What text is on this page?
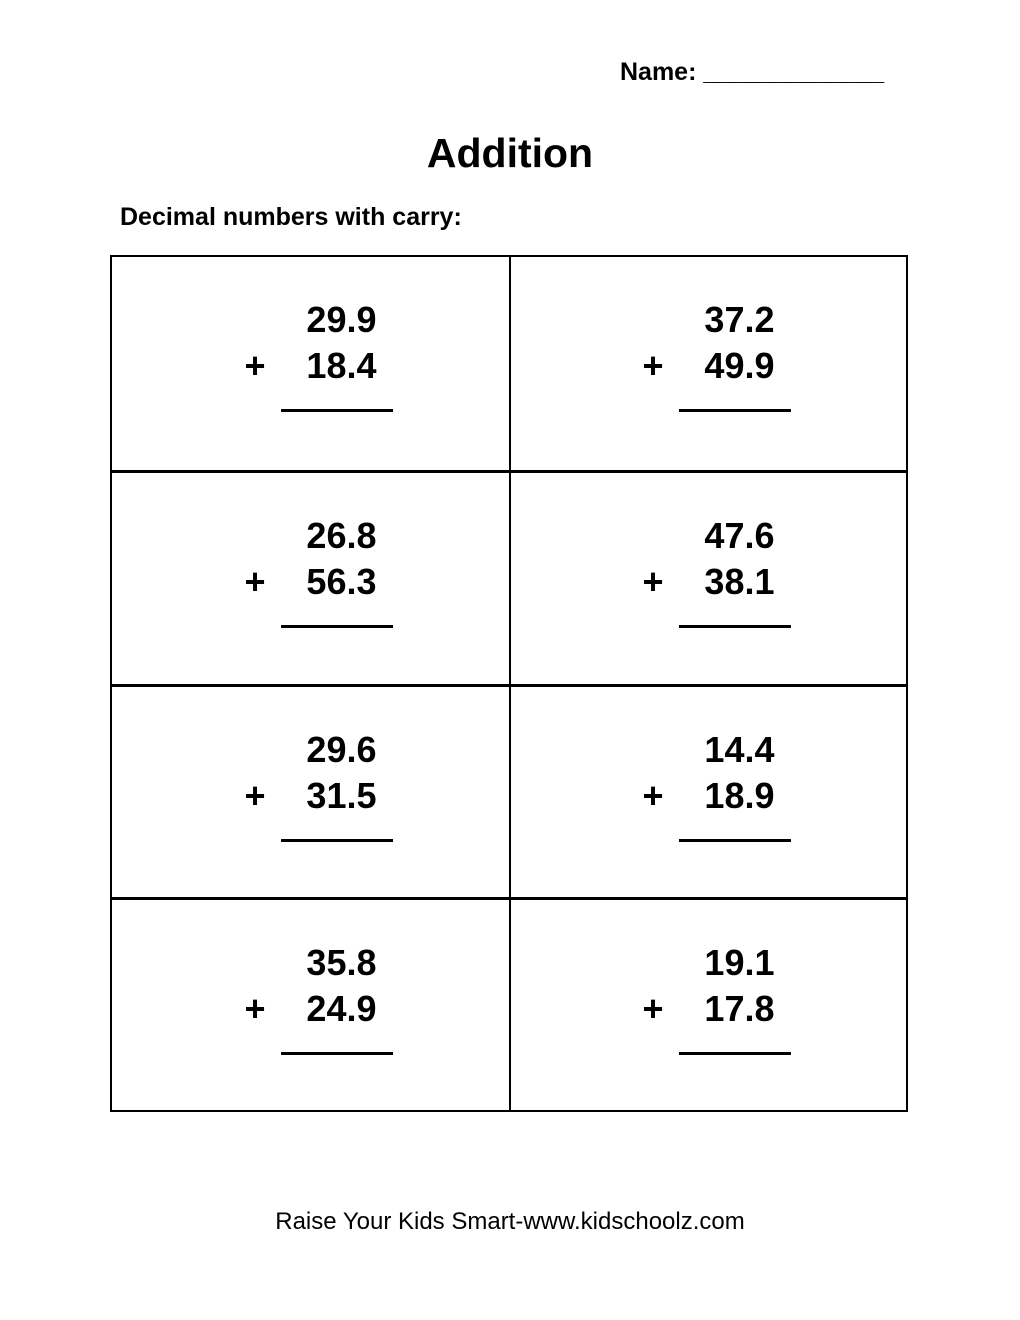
Name: _____________
Addition
Decimal numbers with carry:
29.9
+	18.4
37.2
+	49.9
26.8
+	56.3
47.6
+	38.1
29.6
+	31.5
14.4
+	18.9
35.8
+	24.9
19.1
+	17.8
Raise Your Kids Smart-www.kidschoolz.com
